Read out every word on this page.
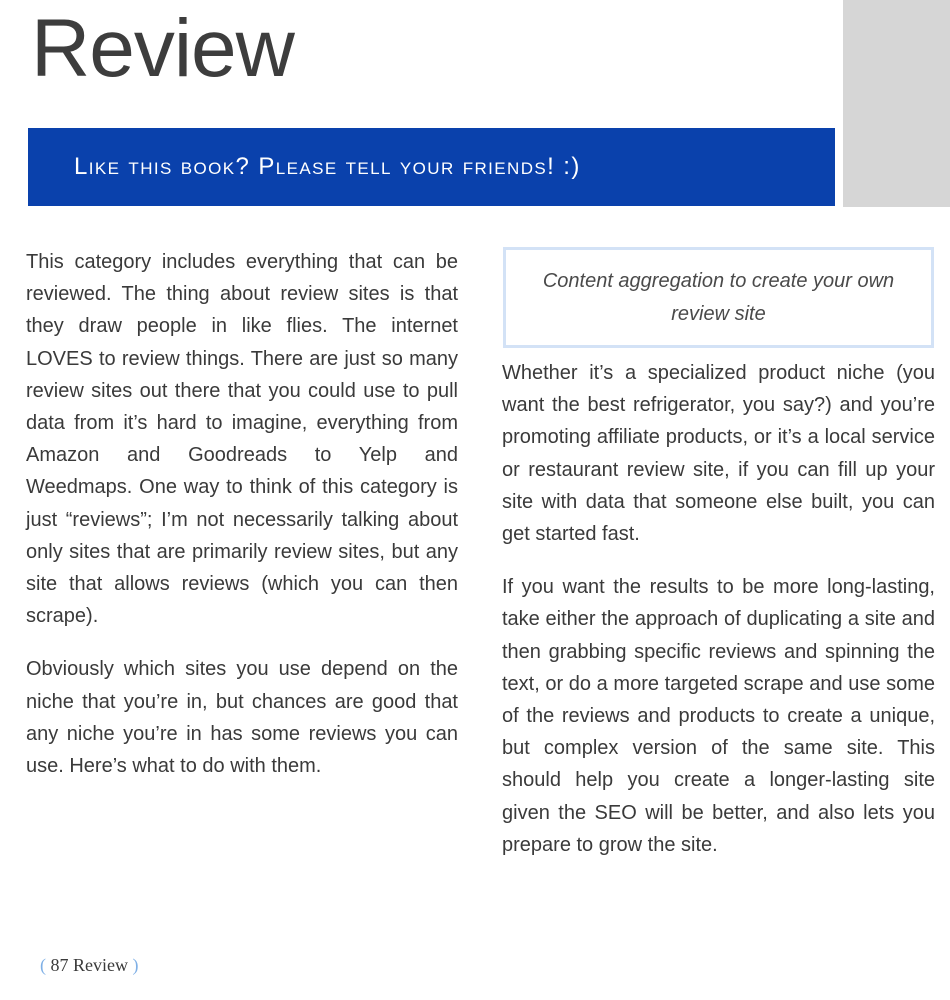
Review
Like this book? Please tell your friends! :)

This category includes everything that can be reviewed. The thing about review sites is that they draw people in like flies. The internet LOVES to review things. There are just so many review sites out there that you could use to pull data from it’s hard to imagine, everything from Amazon and Goodreads to Yelp and Weedmaps. One way to think of this category is just “reviews”; I’m not necessarily talking about only sites that are primarily review sites, but any site that allows reviews (which you can then scrape).

Obviously which sites you use depend on the niche that you’re in, but chances are good that any niche you’re in has some reviews you can use. Here’s what to do with them.

Content aggregation to create your own review site

Whether it’s a specialized product niche (you want the best refrigerator, you say?) and you’re promoting affiliate products, or it’s a local service or restaurant review site, if you can fill up your site with data that someone else built, you can get started fast.

If you want the results to be more long-lasting, take either the approach of duplicating a site and then grabbing specific reviews and spinning the text, or do a more targeted scrape and use some of the reviews and products to create a unique, but complex version of the same site. This should help you create a longer-lasting site given the SEO will be better, and also lets you prepare to grow the site.

( 87 Review )
